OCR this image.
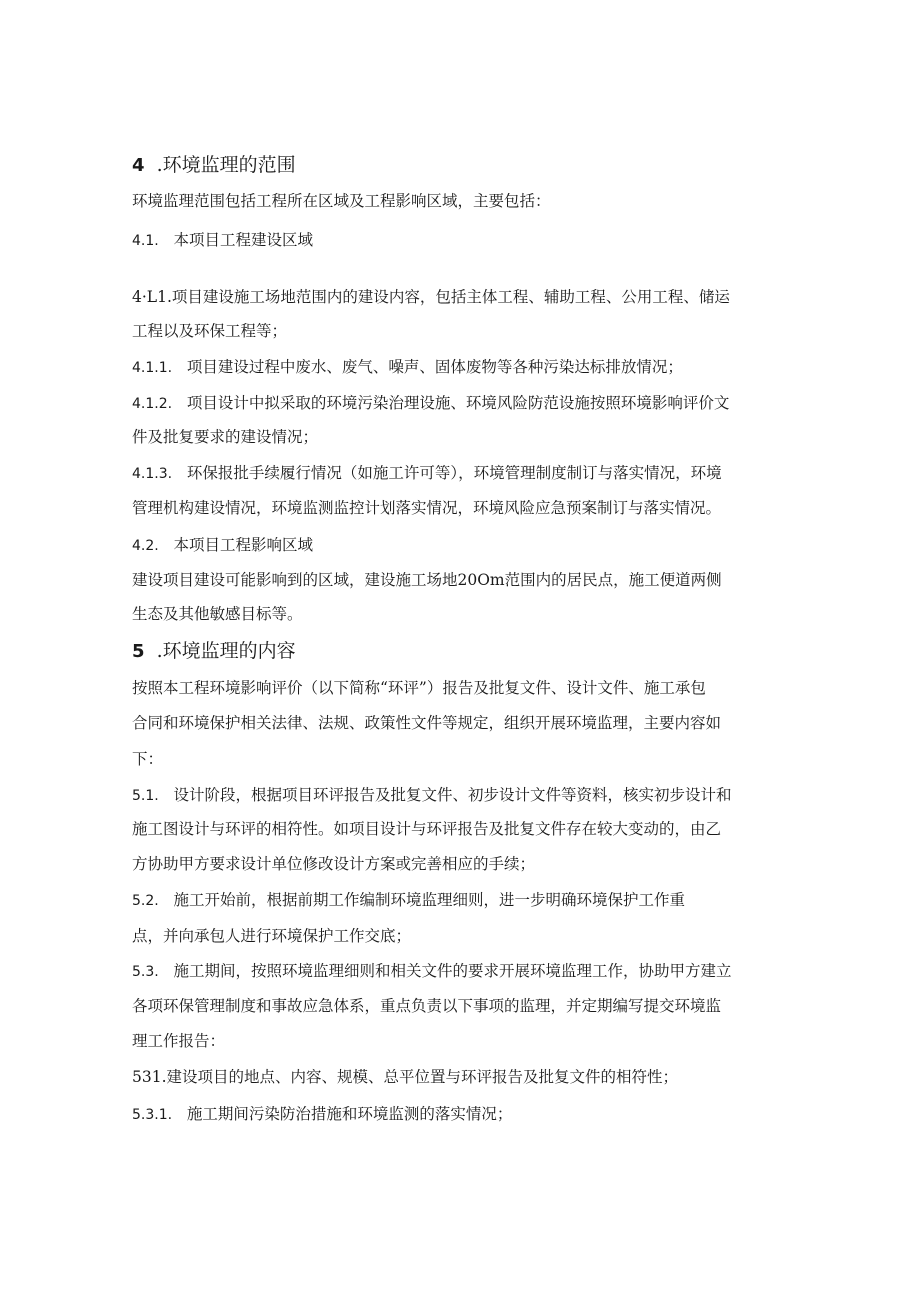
4 .环境监理的范围
环境监理范围包括工程所在区域及工程影响区域，主要包括：
4.1. 本项目工程建设区域
4·L1.项目建设施工场地范围内的建设内容，包括主体工程、辅助工程、公用工程、储运
工程以及环保工程等；
4.1.1. 项目建设过程中废水、废气、噪声、固体废物等各种污染达标排放情况；
4.1.2. 项目设计中拟采取的环境污染治理设施、环境风险防范设施按照环境影响评价文
件及批复要求的建设情况；
4.1.3. 环保报批手续履行情况（如施工许可等），环境管理制度制订与落实情况，环境
管理机构建设情况，环境监测监控计划落实情况，环境风险应急预案制订与落实情况。
4.2. 本项目工程影响区域
建设项目建设可能影响到的区域，建设施工场地20Om范围内的居民点，施工便道两侧
生态及其他敏感目标等。
5 .环境监理的内容
按照本工程环境影响评价（以下简称“环评”）报告及批复文件、设计文件、施工承包
合同和环境保护相关法律、法规、政策性文件等规定，组织开展环境监理，主要内容如
下：
5.1. 设计阶段，根据项目环评报告及批复文件、初步设计文件等资料，核实初步设计和
施工图设计与环评的相符性。如项目设计与环评报告及批复文件存在较大变动的，由乙
方协助甲方要求设计单位修改设计方案或完善相应的手续；
5.2. 施工开始前，根据前期工作编制环境监理细则，进一步明确环境保护工作重
点，并向承包人进行环境保护工作交底；
5.3. 施工期间，按照环境监理细则和相关文件的要求开展环境监理工作，协助甲方建立
各项环保管理制度和事故应急体系，重点负责以下事项的监理，并定期编写提交环境监
理工作报告：
531.建设项目的地点、内容、规模、总平位置与环评报告及批复文件的相符性；
5.3.1. 施工期间污染防治措施和环境监测的落实情况；
